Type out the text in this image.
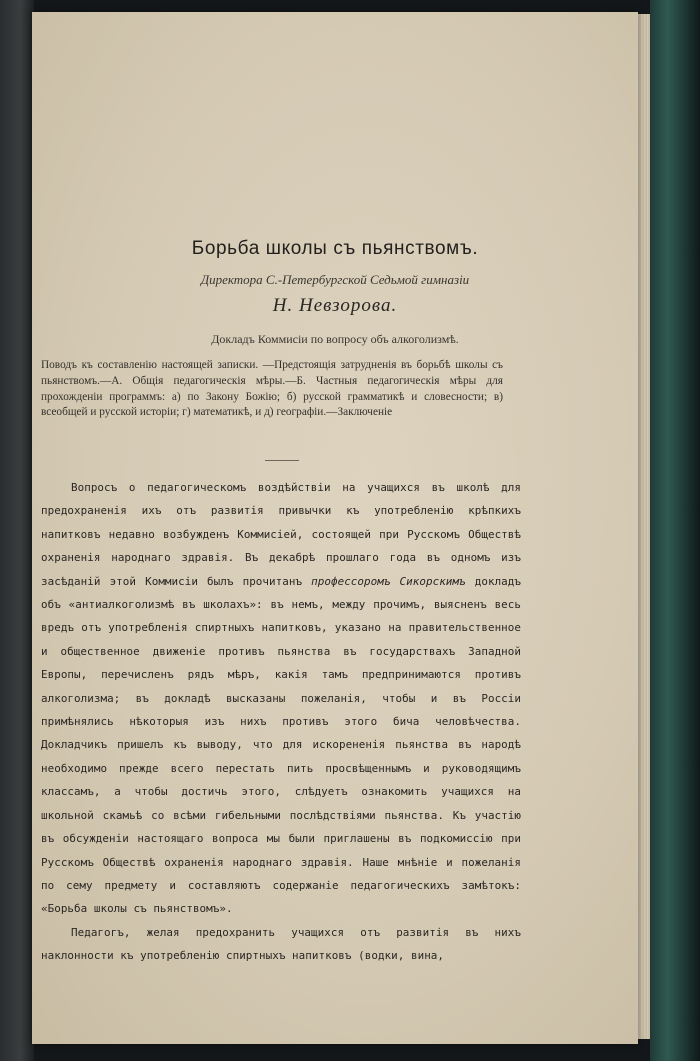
Борьба школы съ пьянствомъ.
Директора С.-Петербургской Седьмой гимназіи
Н. Невзорова.
Докладъ Коммисіи по вопросу объ алкоголизмѣ.
Поводъ къ составленію настоящей записки. —Предстоящія затрудненія въ борьбѣ школы съ пьянствомъ.—А. Общія педагогическія мѣры.—Б. Частныя педагогическія мѣры для прохожденіи программъ: а) по Закону Божію; б) русской грамматикѣ и словесности; в) всеобщей и русской исторіи; г) математикѣ, и д) географіи.—Заключеніе

Вопросъ о педагогическомъ воздѣйствіи на учащихся въ школѣ для предохраненія ихъ отъ развитія привычки къ употребленію крѣпкихъ напитковъ недавно возбужденъ Коммисіей, состоящей при Русскомъ Обществѣ охраненія народнаго здравія. Въ декабрѣ прошлаго года въ одномъ изъ засѣданій этой Коммисіи былъ прочитанъ профессоромъ Сикорскимъ докладъ объ «антиалкоголизмѣ въ школахъ»: въ немъ, между прочимъ, выясненъ весь вредъ отъ употребленія спиртныхъ напитковъ, указано на правительственное и общественное движеніе противъ пьянства въ государствахъ Западной Европы, перечисленъ рядъ мѣръ, какія тамъ предпринимаются противъ алкоголизма; въ докладѣ высказаны пожеланія, чтобы и въ Россіи примѣнялись нѣкоторыя изъ нихъ противъ этого бича человѣчества. Докладчикъ пришелъ къ выводу, что для искорененія пьянства въ народѣ необходимо прежде всего перестать пить просвѣщеннымъ и руководящимъ классамъ, а чтобы достичь этого, слѣдуетъ ознакомить учащихся на школьной скамьѣ со всѣми гибельными послѣдствіями пьянства. Къ участію въ обсужденіи настоящаго вопроса мы были приглашены въ подкомиссію при Русскомъ Обществѣ охраненія народнаго здравія. Наше мнѣніе и пожеланія по сему предмету и составляютъ содержаніе педагогическихъ замѣтокъ: «Борьба школы съ пьянствомъ».

Педагогъ, желая предохранить учащихся отъ развитія въ нихъ наклонности къ употребленію спиртныхъ напитковъ (водки, вина,
